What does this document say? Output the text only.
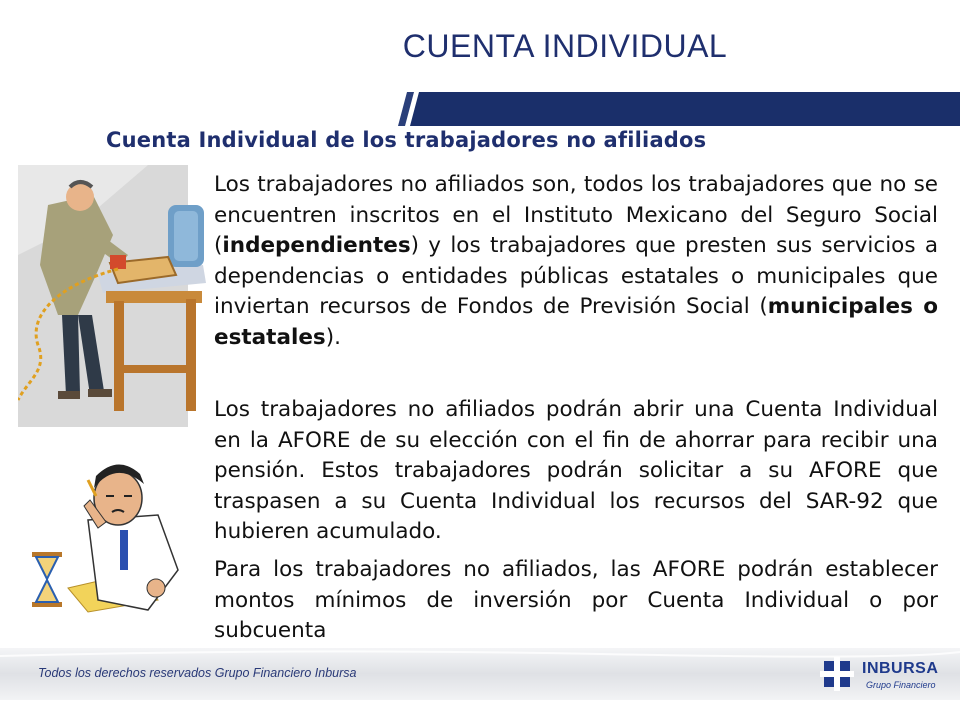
CUENTA INDIVIDUAL
Cuenta Individual de los trabajadores no afiliados
Los trabajadores no afiliados son, todos los trabajadores que no se encuentren inscritos en el Instituto Mexicano del Seguro Social (independientes) y los trabajadores que presten sus servicios a dependencias o entidades públicas estatales o municipales que inviertan recursos de Fondos de Previsión Social (municipales o estatales).
Los trabajadores no afiliados podrán abrir una Cuenta Individual en la AFORE de su elección con el fin de ahorrar para recibir una pensión. Estos trabajadores podrán solicitar a su AFORE que traspasen a su Cuenta Individual los recursos del SAR-92 que hubieren acumulado.
Para los trabajadores no afiliados, las AFORE podrán establecer montos mínimos de inversión por Cuenta Individual o por subcuenta
Todos los derechos reservados Grupo Financiero Inbursa	INBURSA
Grupo Financiero
